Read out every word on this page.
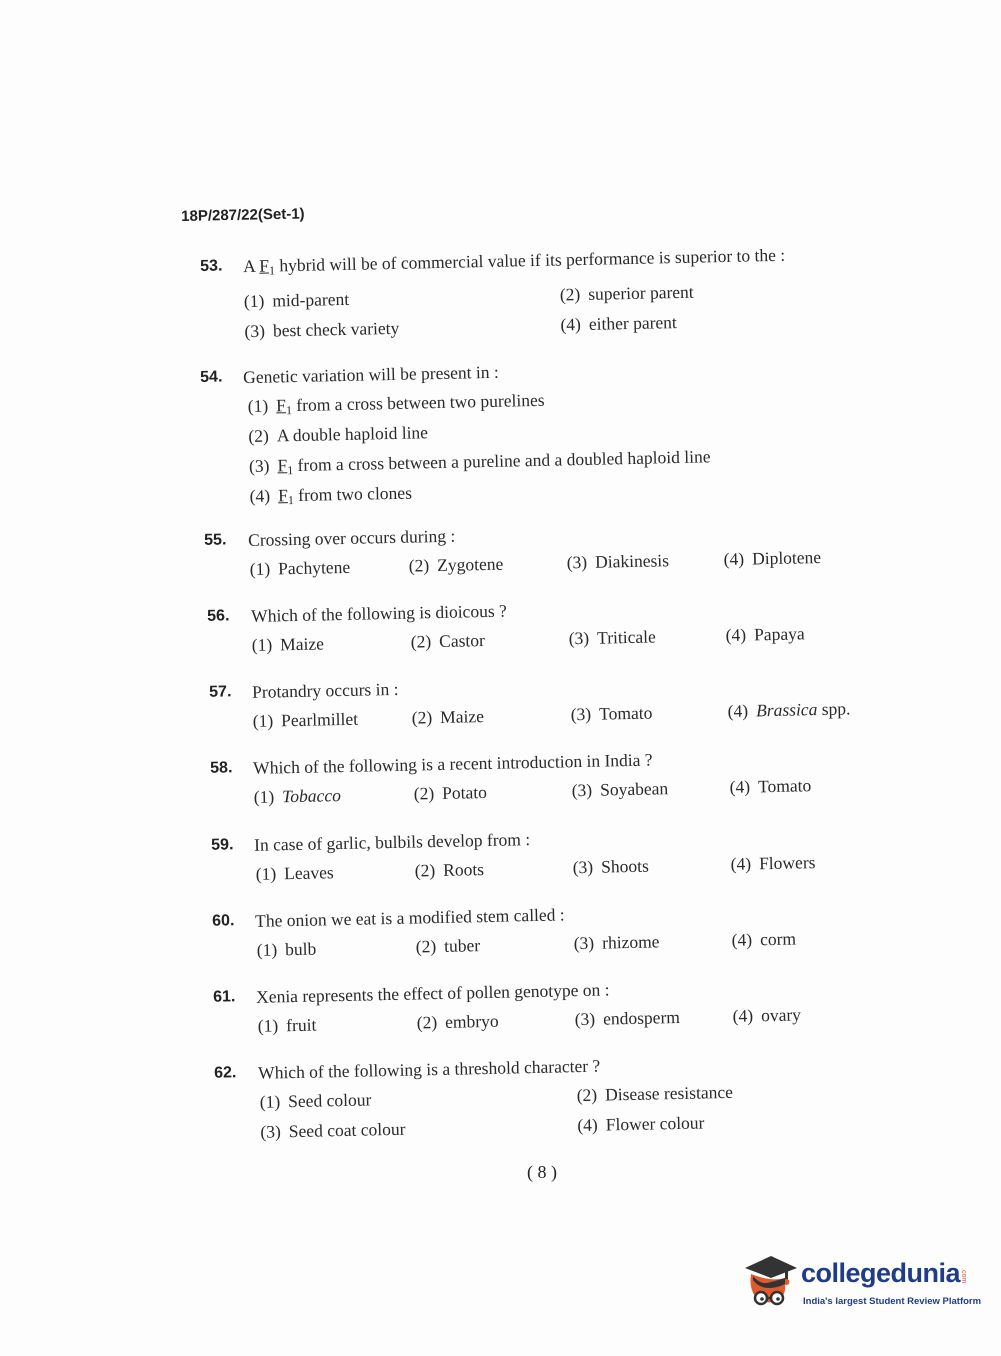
18P/287/22(Set-1)
53. A $F_1$ hybrid will be of commercial value if its performance is superior to the :
(1) mid-parent	(2) superior parent
(3) best check variety	(4) either parent
54. Genetic variation will be present in :
(1) $F_1$ from a cross between two purelines
(2) A double haploid line
(3) $F_1$ from a cross between a pureline and a doubled haploid line
(4) $F_1$ from two clones
55. Crossing over occurs during :
(1) Pachytene	(2) Zygotene	(3) Diakinesis	(4) Diplotene
56. Which of the following is dioicous ?
(1) Maize	(2) Castor	(3) Triticale	(4) Papaya
57. Protandry occurs in :
(1) Pearlmillet	(2) Maize	(3) Tomato	(4) Brassica spp.
58. Which of the following is a recent introduction in India ?
(1) Tobacco	(2) Potato	(3) Soyabean	(4) Tomato
59. In case of garlic, bulbils develop from :
(1) Leaves	(2) Roots	(3) Shoots	(4) Flowers
60. The onion we eat is a modified stem called :
(1) bulb	(2) tuber	(3) rhizome	(4) corm
61. Xenia represents the effect of pollen genotype on :
(1) fruit	(2) embryo	(3) endosperm	(4) ovary
62. Which of the following is a threshold character ?
(1) Seed colour	(2) Disease resistance
(3) Seed coat colour	(4) Flower colour
( 8 )
collegedunia .com
India's largest Student Review Platform
